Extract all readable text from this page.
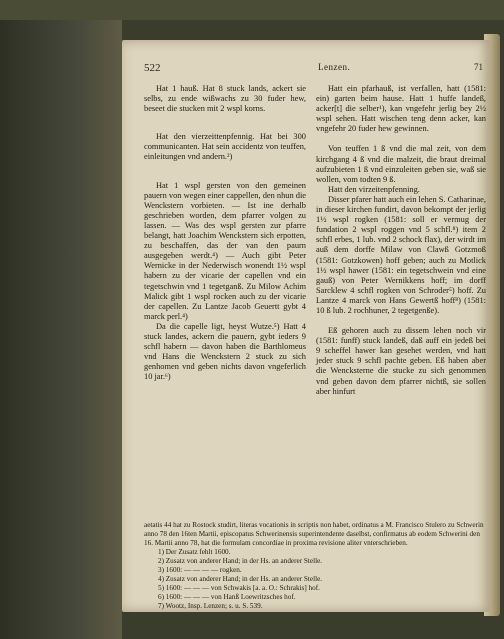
522	Lenzen.	71

Hat 1 hauß. Hat 8 stuck lands, ackert sie selbs, zu ende wißwachs zu 30 fuder hew, beseet die stucken mit 2 wspl korns.

Hat den vierzeittenpfennig. Hat bei 300 communicanten. Hat sein accidentz von teuffen, einleitungen vnd andern.²)

Hat 1 wspl gersten von den gemeinen pauern von wegen einer cappellen, den nhun die Wenckstern vorbieten. — Ist ine derhalb geschrieben worden, dem pfarrer volgen zu lassen. — Was des wspl gersten zur pfarre belangt, hatt Joachim Wenckstern sich erpotten, zu beschaffen, das der van den paurn ausgegeben werdt.⁴) — Auch gibt Peter Wernicke in der Nederwisch wonendt 1½ wspl habern zu der vicarie der capellen vnd ein tegetschwin vnd 1 tegetganß. Zu Milow Achim Malick gibt 1 wspl rocken auch zu der vicarie der capellen. Zu Lantze Jacob Geuertt gybt 4 marck perl.⁴)

Da die capelle ligt, heyst Wutze.⁵) Hatt 4 stuck landes, ackern die pauern, gybt ieders 9 schfl habern — davon haben die Barthlomeus vnd Hans die Wenckstern 2 stuck zu sich genhomen vnd geben nichts davon vngeferlich 10 jar.⁶)

Hatt ein pfarhauß, ist verfallen, hatt (1581: ein) garten beim hause. Hatt 1 huffe landeß, acker[t] die selber¹), kan vngefehr jerlig bey 2½ wspl sehen. Hatt wischen teng denn acker, kan vngefehr 20 fuder hew gewinnen.

Von teuffen 1 ß vnd die mal zeit, von dem kirchgang 4 ß vnd die malzeit, die braut dreimal aufzubieten 1 ß vnd einzuleiten geben sie, waß sie wollen, vom todten 9 ß.

Hatt den virzeitenpfenning.

Disser pfarer hatt auch ein lehen S. Catharinae, in dieser kirchen fundirt, davon bekompt der jerlig 1½ wspl rogken (1581: soll er vermug der fundation 2 wspl roggen vnd 5 schfl.⁸) item 2 schfl erbes, 1 lub. vnd 2 schock flax), der wirdt im auß dem dorffe Milaw von Clawß Gotzmoß (1581: Gotzkowen) hoff geben; auch zu Motlick 1½ wspl hawer (1581: ein tegetschwein vnd eine gauß) von Peter Wernikkens hoff; im dorff Sarcklew 4 schfl rogken von Schroder⁵) hoff. Zu Lantze 4 marck von Hans Gewertß hoff⁸) (1581: 10 ß lub. 2 rochhuner, 2 tegetgenße).

Eß gehoren auch zu dissem lehen noch vir (1581: funff) stuck landeß, daß auff ein jedeß bei 9 scheffel hawer kan gesehet werden, vnd hatt jeder stuck 9 schfl pachte geben. Eß haben aber die Wencksterne die stucke zu sich genommen vnd geben davon dem pfarrer nichtß, sie sollen aber hinfurt

aetatis 44 hat zu Rostock studirt, literas vocationis in scriptis non habet, ordinatus a M. Francisco Stulero zu Schwerin anno 78 den 16ten Martii, episcopatus Schwerinensis superintendente daselbst, confirmatus ab eodem Schwerini den 16. Martii anno 78, hat die formulam concordiae in proxima revisione aliter vnterschrieben.

1) Der Zusatz fehlt 1600.

2) Zusatz von anderer Hand; in der Hs. an anderer Stelle.

3) 1600: — — — — rogken.

4) Zusatz von anderer Hand; in der Hs. an anderer Stelle.

5) 1600: — — — von Schwakis [a. a. O.: Schrakis] hof.

6) 1600: — — — von Hanß Loewritzsches hof.

7) Wootz, Insp. Lenzen; s. u. S. 539.
